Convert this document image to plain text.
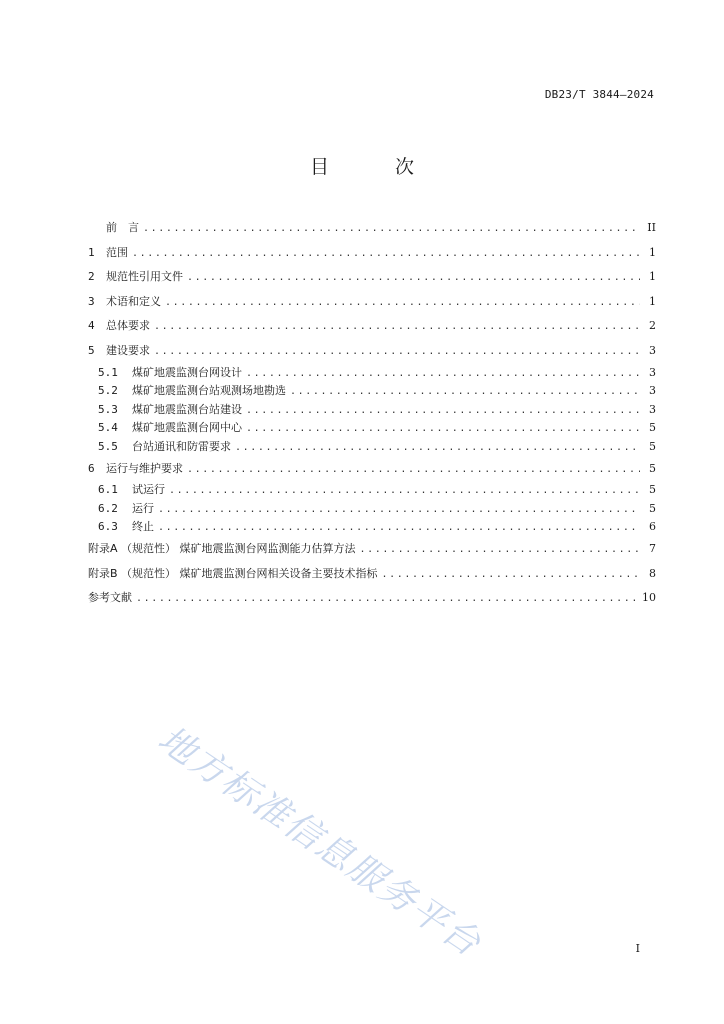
DB23/T 3844—2024
目 次
前　言 .....	II
1	范围 .....	1
2	规范性引用文件 .....	1
3	术语和定义 .....	1
4	总体要求 .....	2
5	建设要求 .....	3
5.1	煤矿地震监测台网设计 .....	3
5.2	煤矿地震监测台站观测场地勘选 .....	3
5.3	煤矿地震监测台站建设 .....	3
5.4	煤矿地震监测台网中心 .....	5
5.5	台站通讯和防雷要求 .....	5
6	运行与维护要求 .....	5
6.1	试运行 .....	5
6.2	运行 .....	5
6.3	终止 .....	6
附录A （规范性） 煤矿地震监测台网监测能力估算方法 .....	7
附录B （规范性） 煤矿地震监测台网相关设备主要技术指标 .....	8
参考文献 .....	10
地方标准信息服务平台	I
